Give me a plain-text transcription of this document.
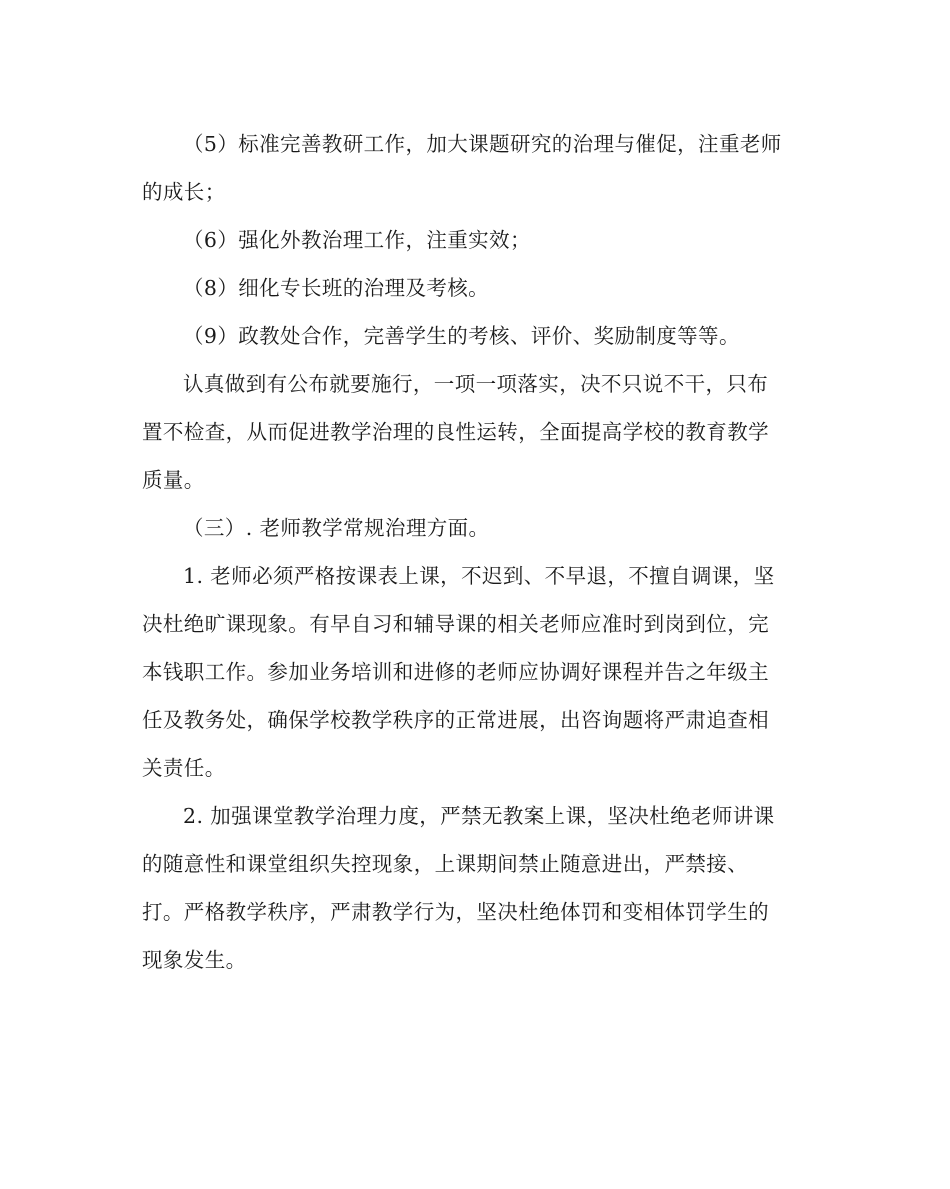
（5）标准完善教研工作，加大课题研究的治理与催促，注重老师
的成长；
（6）强化外教治理工作，注重实效；
（8）细化专长班的治理及考核。
（9）政教处合作，完善学生的考核、评价、奖励制度等等。
认真做到有公布就要施行，一项一项落实，决不只说不干，只布
置不检查，从而促进教学治理的良性运转，全面提高学校的教育教学
质量。
（三）. 老师教学常规治理方面。
1. 老师必须严格按课表上课，不迟到、不早退，不擅自调课，坚
决杜绝旷课现象。有早自习和辅导课的相关老师应准时到岗到位，完
本钱职工作。参加业务培训和进修的老师应协调好课程并告之年级主
任及教务处，确保学校教学秩序的正常进展，出咨询题将严肃追查相
关责任。
2. 加强课堂教学治理力度，严禁无教案上课，坚决杜绝老师讲课
的随意性和课堂组织失控现象，上课期间禁止随意进出，严禁接、
打。严格教学秩序，严肃教学行为，坚决杜绝体罚和变相体罚学生的
现象发生。
